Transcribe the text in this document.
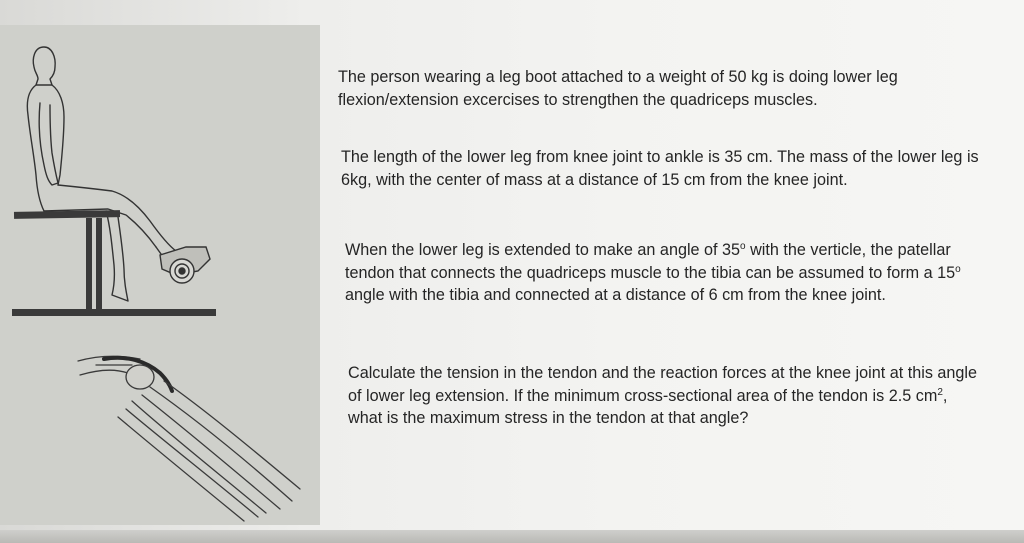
The person wearing a leg boot attached to a weight of 50 kg is doing lower leg flexion/extension excercises to strengthen the quadriceps muscles.

The length of the lower leg from knee joint to ankle is 35 cm. The mass of the lower leg is 6kg, with the center of mass at a distance of 15 cm from the knee joint.

When the lower leg is extended to make an angle of 35$^o$ with the verticle, the patellar tendon that connects the quadriceps muscle to the tibia can be assumed to form a 15$^o$ angle with the tibia and connected at a distance of 6 cm from the knee joint.

Calculate the tension in the tendon and the reaction forces at the knee joint at this angle of lower leg extension. If the minimum cross-sectional area of the tendon is 2.5 $cm^2$, what is the maximum stress in the tendon at that angle?
